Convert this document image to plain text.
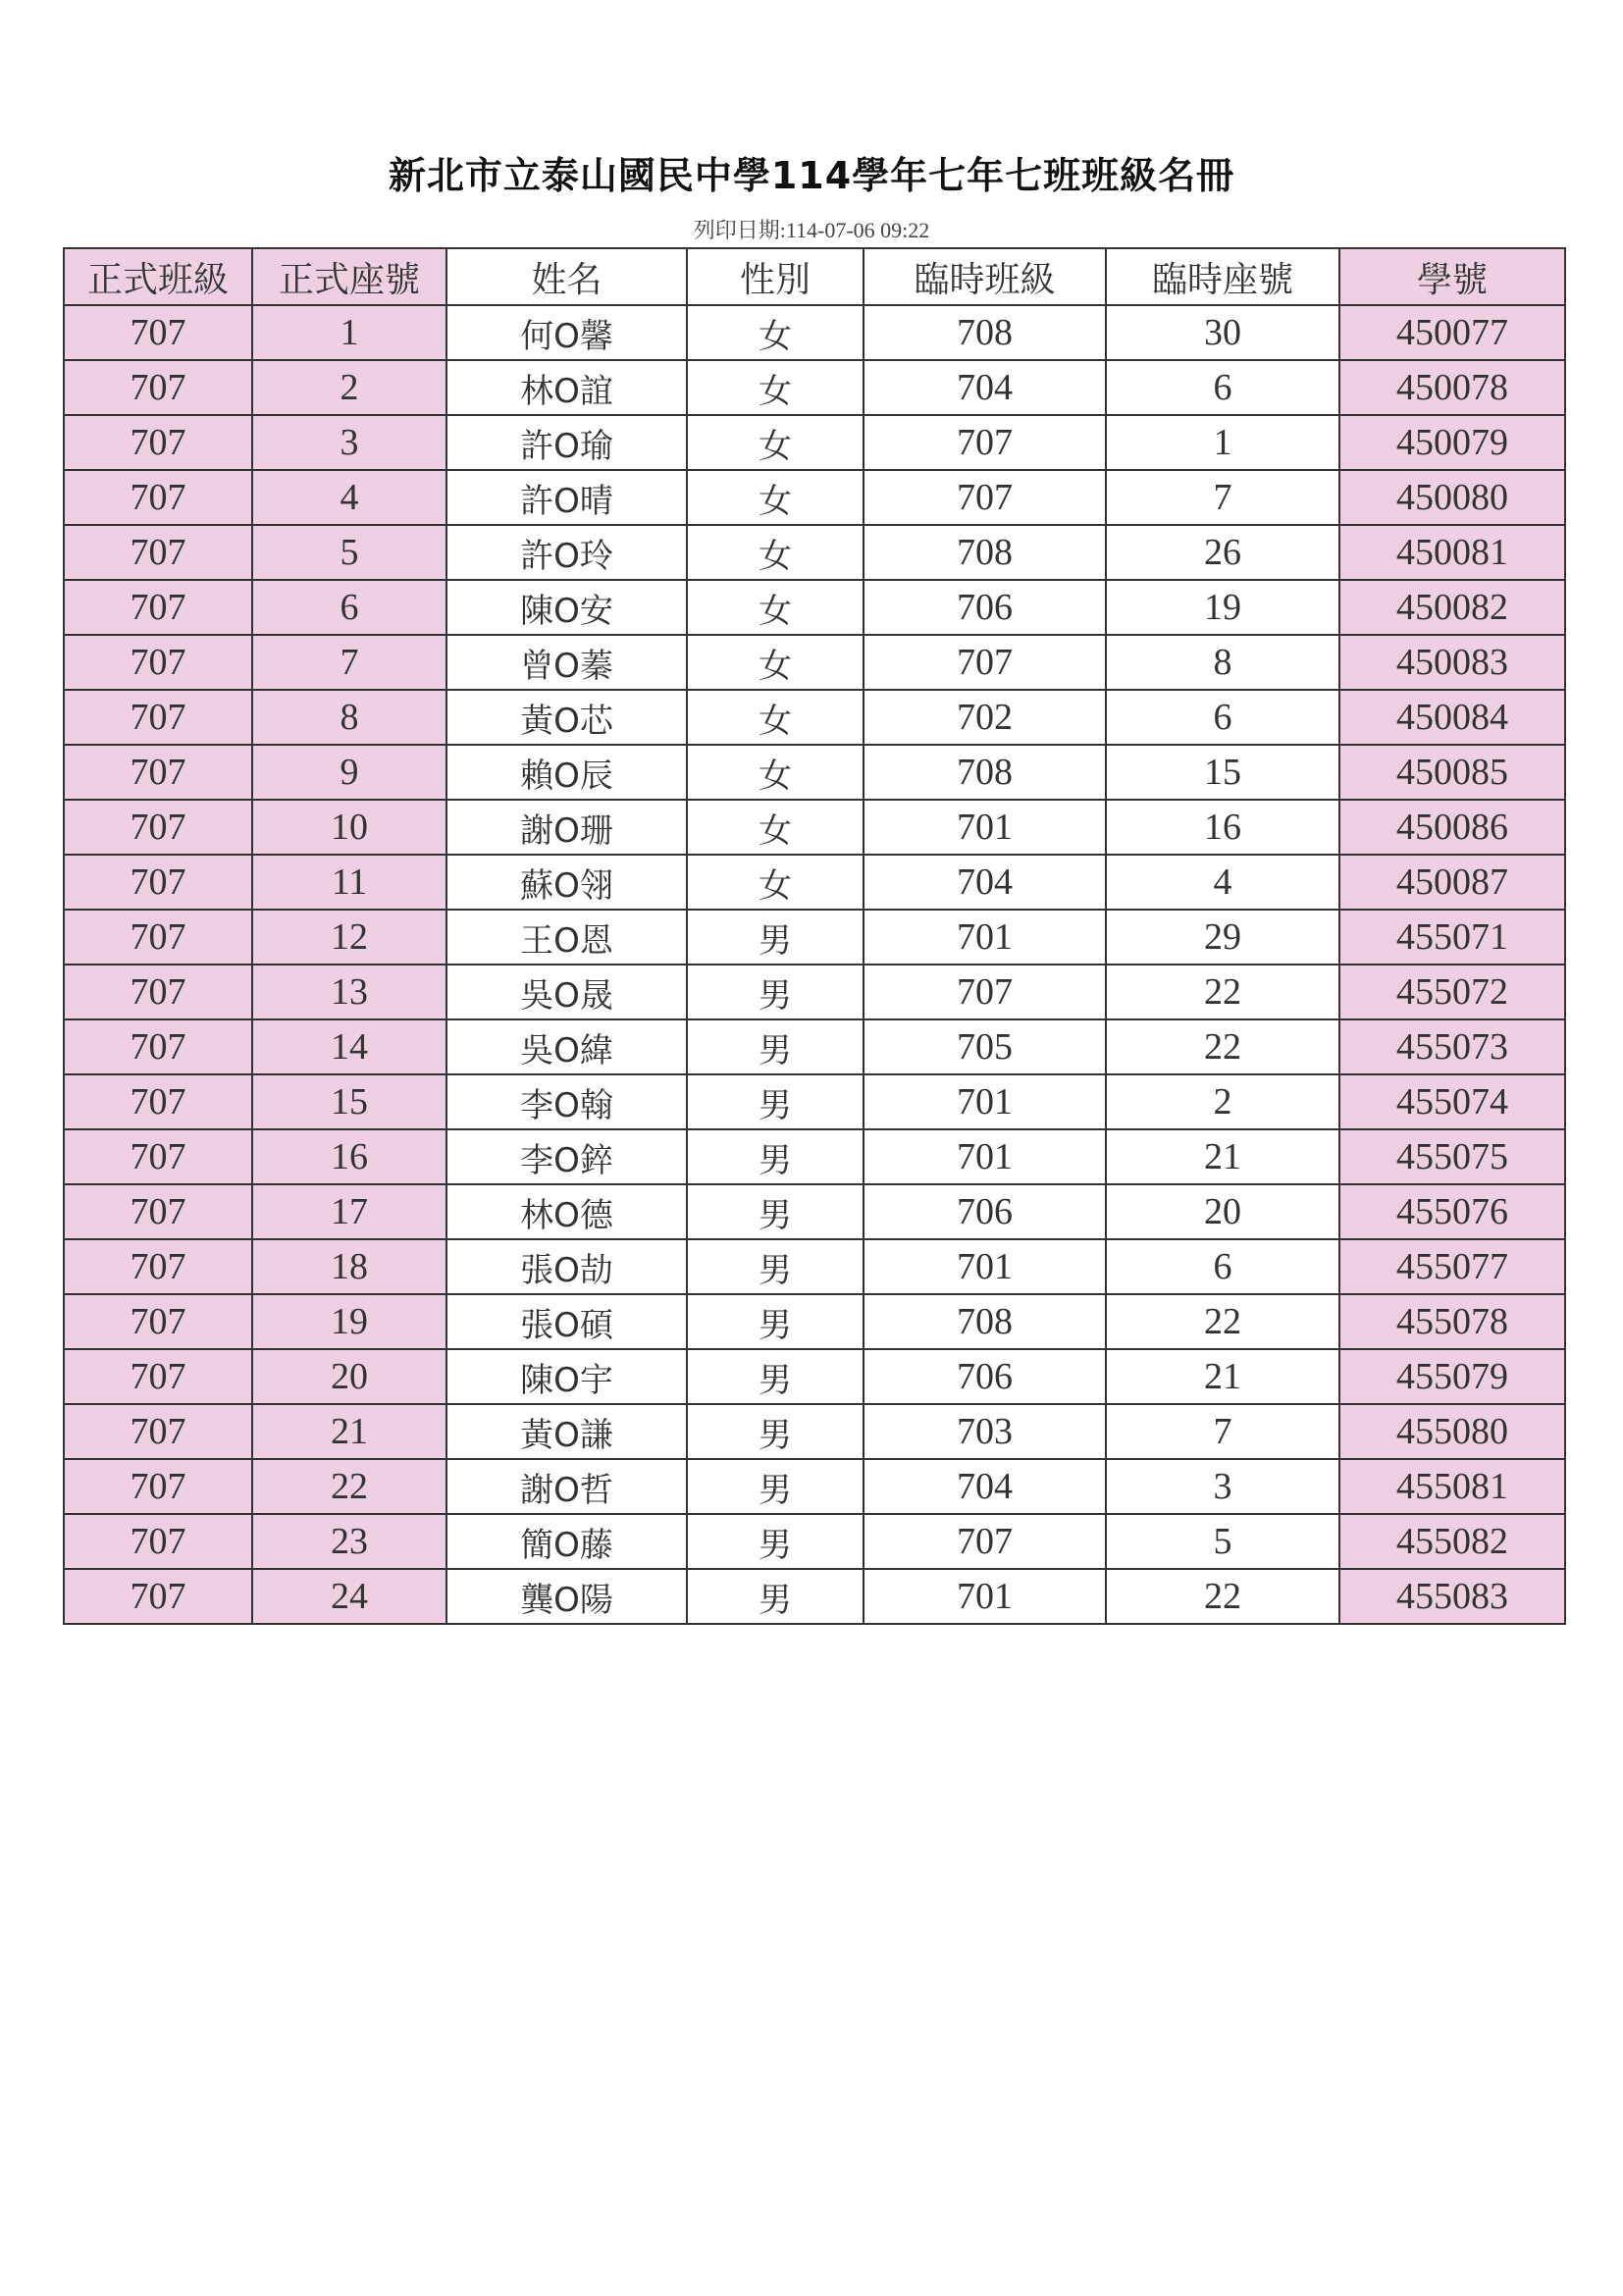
新北市立泰山國民中學114學年七年七班班級名冊
列印日期:114-07-06 09:22
正式班級	正式座號	姓名	性別	臨時班級	臨時座號	學號
707	1	何O馨	女	708	30	450077
707	2	林O誼	女	704	6	450078
707	3	許O瑜	女	707	1	450079
707	4	許O晴	女	707	7	450080
707	5	許O玲	女	708	26	450081
707	6	陳O安	女	706	19	450082
707	7	曾O蓁	女	707	8	450083
707	8	黃O芯	女	702	6	450084
707	9	賴O辰	女	708	15	450085
707	10	謝O珊	女	701	16	450086
707	11	蘇O翎	女	704	4	450087
707	12	王O恩	男	701	29	455071
707	13	吳O晟	男	707	22	455072
707	14	吳O緯	男	705	22	455073
707	15	李O翰	男	701	2	455074
707	16	李O錊	男	701	21	455075
707	17	林O德	男	706	20	455076
707	18	張O劼	男	701	6	455077
707	19	張O碩	男	708	22	455078
707	20	陳O宇	男	706	21	455079
707	21	黃O謙	男	703	7	455080
707	22	謝O哲	男	704	3	455081
707	23	簡O藤	男	707	5	455082
707	24	龔O陽	男	701	22	455083
